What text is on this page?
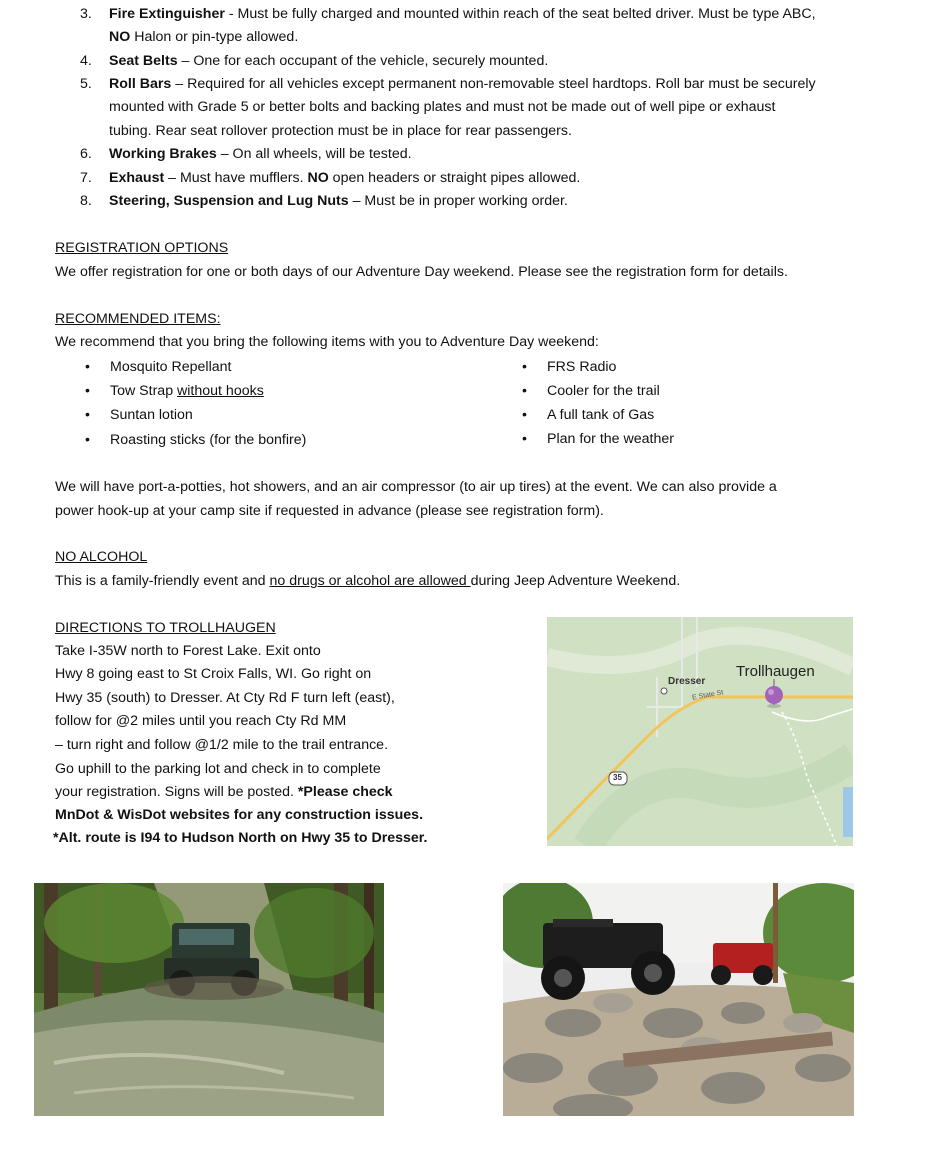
3.	Fire Extinguisher - Must be fully charged and mounted within reach of the seat belted driver. Must be type ABC,
NO Halon or pin-type allowed.
4.	Seat Belts – One for each occupant of the vehicle, securely mounted.
5.	Roll Bars – Required for all vehicles except permanent non-removable steel hardtops. Roll bar must be securely
mounted with Grade 5 or better bolts and backing plates and must not be made out of well pipe or exhaust
tubing. Rear seat rollover protection must be in place for rear passengers.
6.	Working Brakes – On all wheels, will be tested.
7.	Exhaust – Must have mufflers. NO open headers or straight pipes allowed.
8.	Steering, Suspension and Lug Nuts – Must be in proper working order.
REGISTRATION OPTIONS
We offer registration for one or both days of our Adventure Day weekend. Please see the registration form for details.
RECOMMENDED ITEMS:
We recommend that you bring the following items with you to Adventure Day weekend:
• Mosquito Repellant
• Tow Strap without hooks
• Suntan lotion
• Roasting sticks (for the bonfire)
• FRS Radio
• Cooler for the trail
• A full tank of Gas
• Plan for the weather
We will have port-a-potties, hot showers, and an air compressor (to air up tires) at the event. We can also provide a
power hook-up at your camp site if requested in advance (please see registration form).
NO ALCOHOL
This is a family-friendly event and no drugs or alcohol are allowed during Jeep Adventure Weekend.
DIRECTIONS TO TROLLHAUGEN
Take I-35W north to Forest Lake. Exit onto
Hwy 8 going east to St Croix Falls, WI. Go right on
Hwy 35 (south) to Dresser. At Cty Rd F turn left (east),
follow for @2 miles until you reach Cty Rd MM
– turn right and follow @1/2 mile to the trail entrance.
Go uphill to the parking lot and check in to complete
your registration. Signs will be posted. *Please check
MnDot & WisDot websites for any construction issues.
*Alt. route is I94 to Hudson North on Hwy 35 to Dresser.
Dresser
E State St
Trollhaugen
35
